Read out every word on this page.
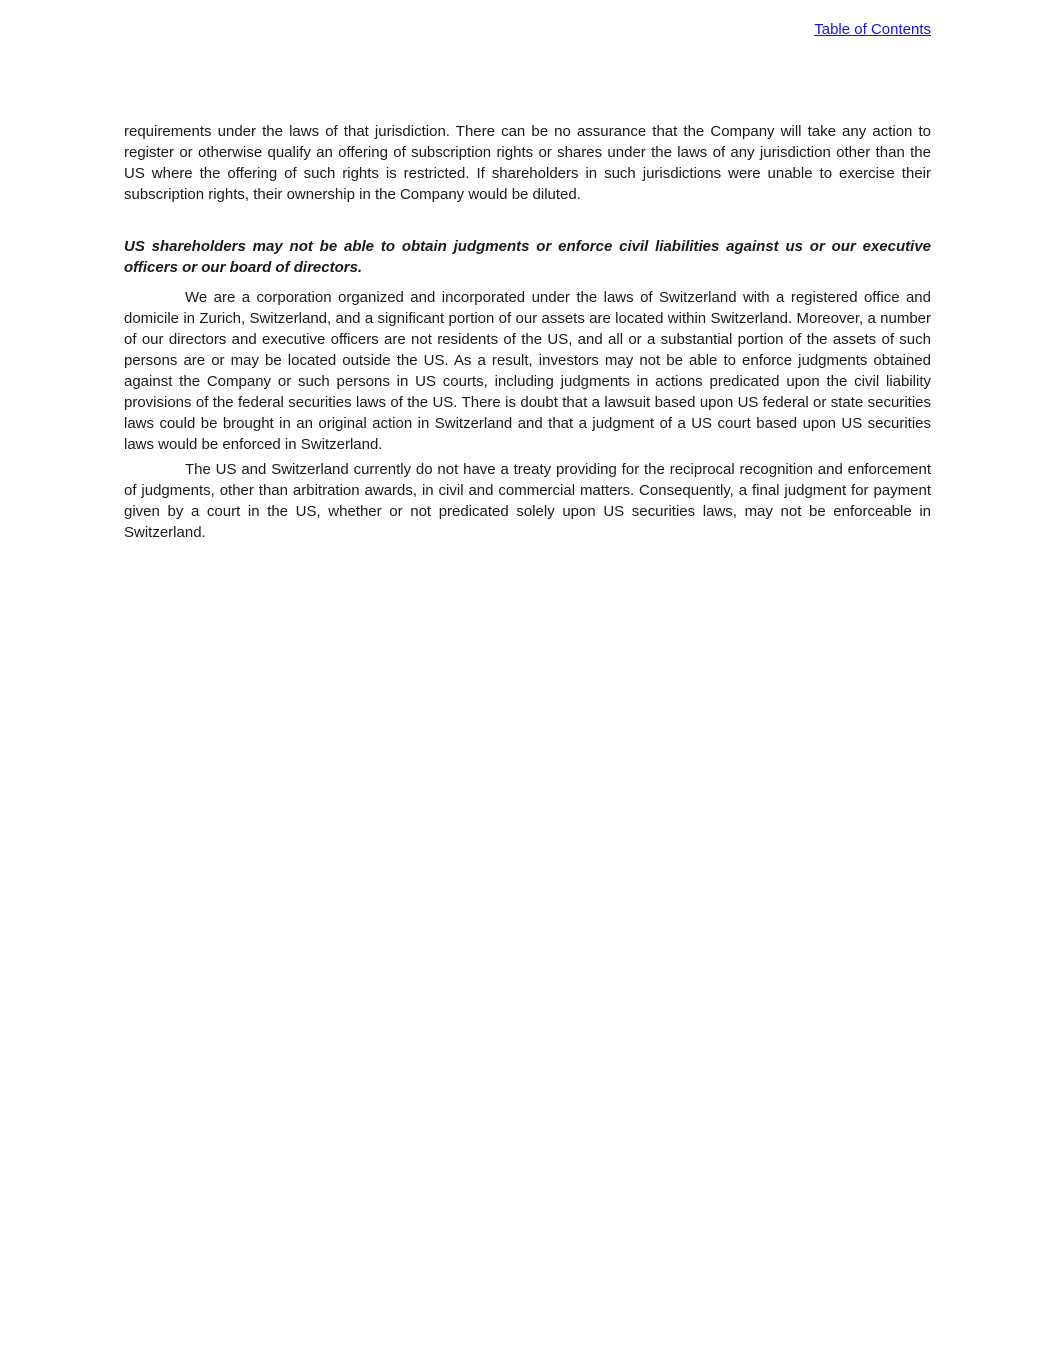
Table of Contents

requirements under the laws of that jurisdiction. There can be no assurance that the Company will take any action to register or otherwise qualify an offering of subscription rights or shares under the laws of any jurisdiction other than the US where the offering of such rights is restricted. If shareholders in such jurisdictions were unable to exercise their subscription rights, their ownership in the Company would be diluted.

US shareholders may not be able to obtain judgments or enforce civil liabilities against us or our executive officers or our board of directors.

We are a corporation organized and incorporated under the laws of Switzerland with a registered office and domicile in Zurich, Switzerland, and a significant portion of our assets are located within Switzerland. Moreover, a number of our directors and executive officers are not residents of the US, and all or a substantial portion of the assets of such persons are or may be located outside the US. As a result, investors may not be able to enforce judgments obtained against the Company or such persons in US courts, including judgments in actions predicated upon the civil liability provisions of the federal securities laws of the US. There is doubt that a lawsuit based upon US federal or state securities laws could be brought in an original action in Switzerland and that a judgment of a US court based upon US securities laws would be enforced in Switzerland.

The US and Switzerland currently do not have a treaty providing for the reciprocal recognition and enforcement of judgments, other than arbitration awards, in civil and commercial matters. Consequently, a final judgment for payment given by a court in the US, whether or not predicated solely upon US securities laws, may not be enforceable in Switzerland.
